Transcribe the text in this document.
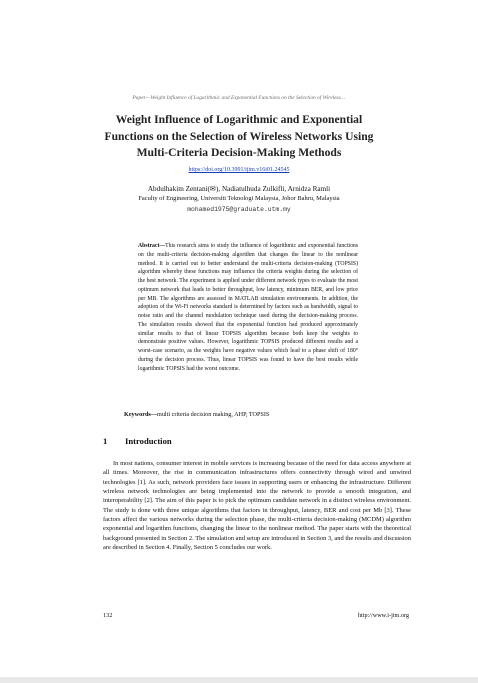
Paper—Weight Influence of Logarithmic and Exponential Functions on the Selection of Wireless…
Weight Influence of Logarithmic and Exponential
Functions on the Selection of Wireless Networks Using
Multi-Criteria Decision-Making Methods
https://doi.org/10.3991/ijim.v16i01.24545
Abdulhakim Zentani(✉), Nadiatulhuda Zulkifli, Arnidza Ramli
Faculty of Engineering, Universiti Teknologi Malaysia, Johor Bahru, Malaysia
mohamed1975@graduate.utm.my

Abstract—This research aims to study the influence of logarithmic and exponential functions on the multi-criteria decision-making algorithm that changes the linear to the nonlinear method. It is carried out to better understand the multi-criteria decision-making (TOPSIS) algorithm whereby these functions may influence the criteria weights during the selection of the best network. The experiment is applied under different network types to evaluate the most optimum network that leads to better throughput, low latency, minimum BER, and low price per MB. The algorithms are assessed in MATLAB simulation environments. In addition, the adoption of the Wi-Fi networks standard is determined by factors such as bandwidth, signal to noise ratio and the channel modulation technique used during the decision-making process. The simulation results showed that the exponential function had produced approximately similar results to that of linear TOPSIS algorithm because both keep the weights to demonstrate positive values. However, logarithmic TOPSIS produced different results and a worst-case scenario, as the weights have negative values which lead to a phase shift of 180° during the decision process. Thus, linear TOPSIS was found to have the best results while logarithmic TOPSIS had the worst outcome.

Keywords—multi criteria decision making, AHP, TOPSIS
1 Introduction

In most nations, consumer interest in mobile services is increasing because of the need for data access anywhere at all times. Moreover, the rise in communication infrastructures offers connectivity through wired and unwired technologies [1]. As such, network providers face issues in supporting users or enhancing the infrastructure. Different wireless network technologies are being implemented into the network to provide a smooth integration, and interoperability [2]. The aim of this paper is to pick the optimum candidate network in a distinct wireless environment. The study is done with three unique algorithms that factors in throughput, latency, BER and cost per Mb [3]. These factors affect the various networks during the selection phase, the multi-criteria decision-making (MCDM) algorithm exponential and logarithm functions, changing the linear to the nonlinear method. The paper starts with the theoretical background presented in Section 2. The simulation and setup are introduced in Section 3, and the results and discussion are described in Section 4. Finally, Section 5 concludes our work.

132	http://www.i-jim.org
